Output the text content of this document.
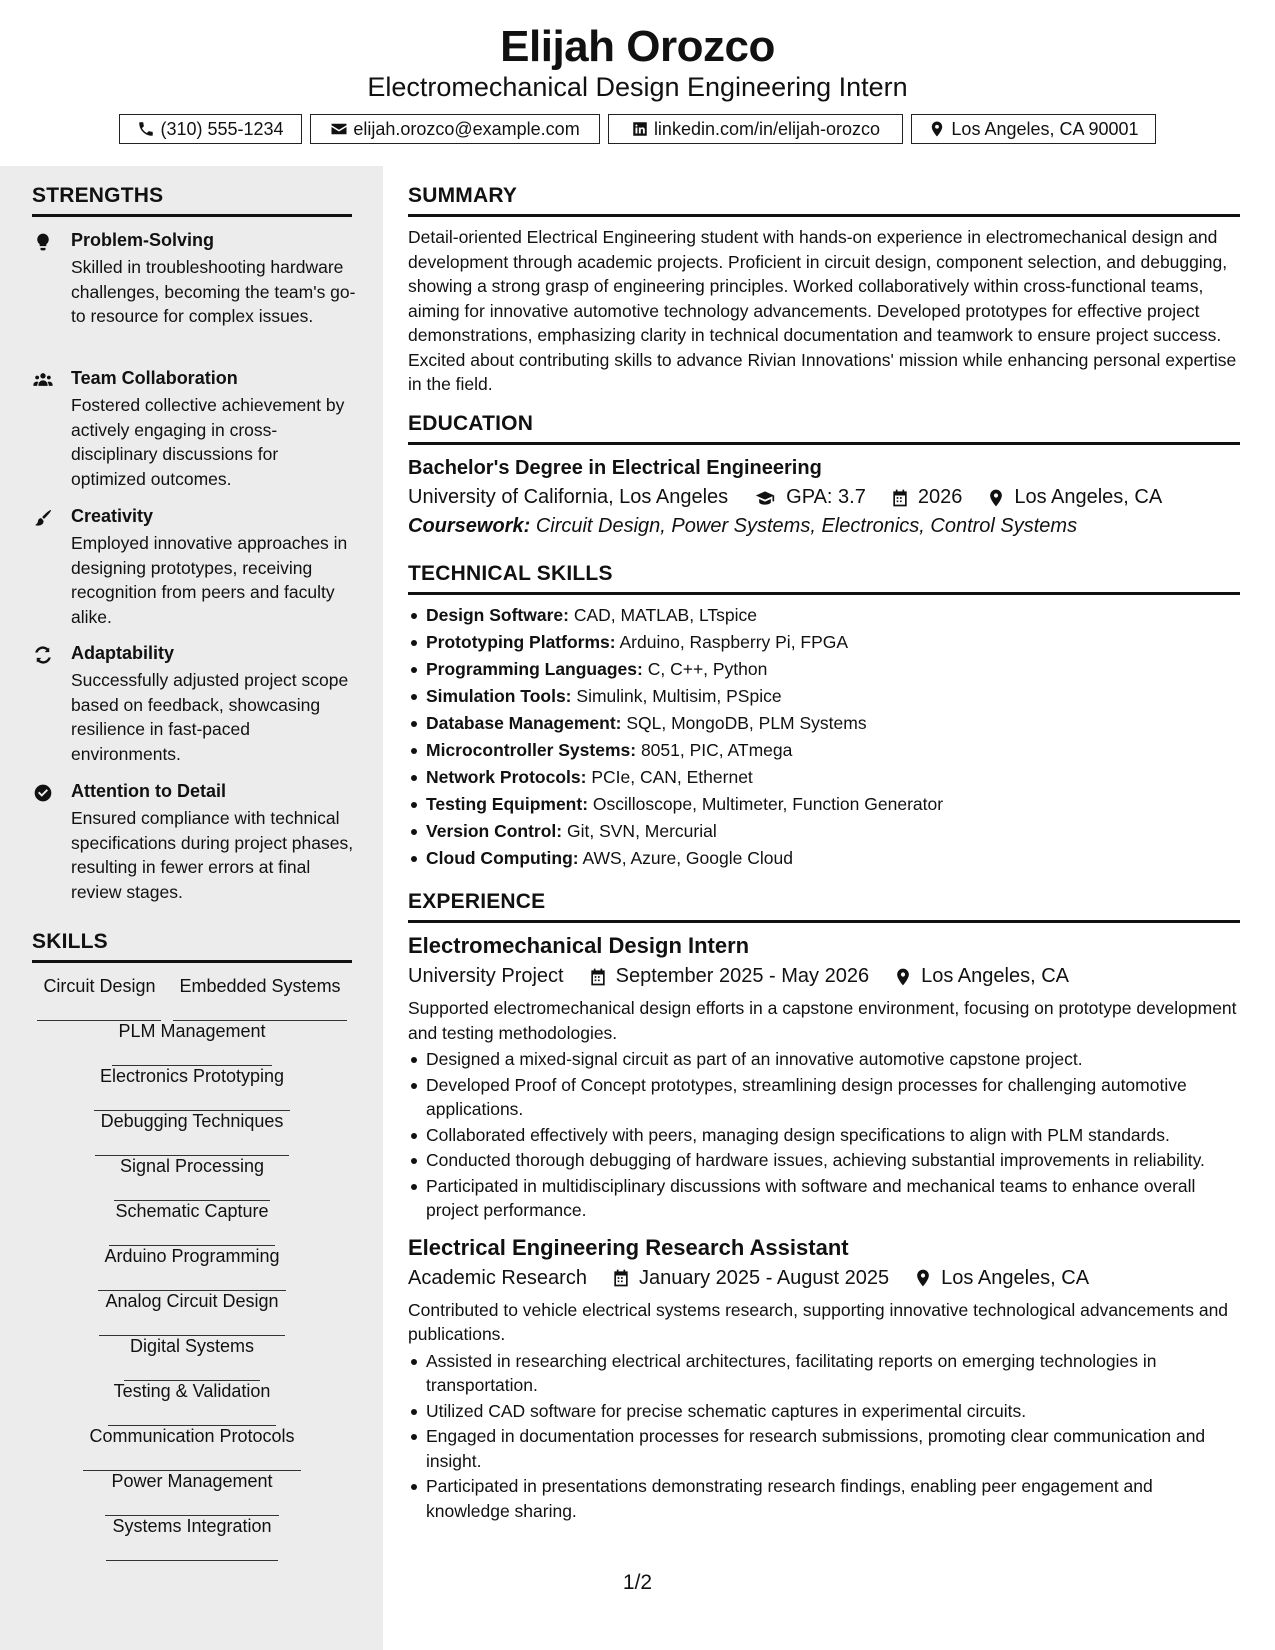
Elijah Orozco
Electromechanical Design Engineering Intern
(310) 555-1234	elijah.orozco@example.com	linkedin.com/in/elijah-orozco	Los Angeles, CA 90001
STRENGTHS
Problem-Solving
Skilled in troubleshooting hardware challenges, becoming the team's go-to resource for complex issues.
Team Collaboration
Fostered collective achievement by actively engaging in cross-disciplinary discussions for optimized outcomes.
Creativity
Employed innovative approaches in designing prototypes, receiving recognition from peers and faculty alike.
Adaptability
Successfully adjusted project scope based on feedback, showcasing resilience in fast-paced environments.
Attention to Detail
Ensured compliance with technical specifications during project phases, resulting in fewer errors at final review stages.
SKILLS
Circuit Design	Embedded Systems
PLM Management
Electronics Prototyping
Debugging Techniques
Signal Processing
Schematic Capture
Arduino Programming
Analog Circuit Design
Digital Systems
Testing & Validation
Communication Protocols
Power Management
Systems Integration
SUMMARY
Detail-oriented Electrical Engineering student with hands-on experience in electromechanical design and development through academic projects. Proficient in circuit design, component selection, and debugging, showing a strong grasp of engineering principles. Worked collaboratively within cross-functional teams, aiming for innovative automotive technology advancements. Developed prototypes for effective project demonstrations, emphasizing clarity in technical documentation and teamwork to ensure project success. Excited about contributing skills to advance Rivian Innovations' mission while enhancing personal expertise in the field.
EDUCATION
Bachelor's Degree in Electrical Engineering
University of California, Los Angeles	GPA: 3.7	2026	Los Angeles, CA
Coursework: Circuit Design, Power Systems, Electronics, Control Systems
TECHNICAL SKILLS
Design Software: CAD, MATLAB, LTspice
Prototyping Platforms: Arduino, Raspberry Pi, FPGA
Programming Languages: C, C++, Python
Simulation Tools: Simulink, Multisim, PSpice
Database Management: SQL, MongoDB, PLM Systems
Microcontroller Systems: 8051, PIC, ATmega
Network Protocols: PCIe, CAN, Ethernet
Testing Equipment: Oscilloscope, Multimeter, Function Generator
Version Control: Git, SVN, Mercurial
Cloud Computing: AWS, Azure, Google Cloud
EXPERIENCE
Electromechanical Design Intern
University Project	September 2025 - May 2026	Los Angeles, CA
Supported electromechanical design efforts in a capstone environment, focusing on prototype development and testing methodologies.
Designed a mixed-signal circuit as part of an innovative automotive capstone project.
Developed Proof of Concept prototypes, streamlining design processes for challenging automotive applications.
Collaborated effectively with peers, managing design specifications to align with PLM standards.
Conducted thorough debugging of hardware issues, achieving substantial improvements in reliability.
Participated in multidisciplinary discussions with software and mechanical teams to enhance overall project performance.
Electrical Engineering Research Assistant
Academic Research	January 2025 - August 2025	Los Angeles, CA
Contributed to vehicle electrical systems research, supporting innovative technological advancements and publications.
Assisted in researching electrical architectures, facilitating reports on emerging technologies in transportation.
Utilized CAD software for precise schematic captures in experimental circuits.
Engaged in documentation processes for research submissions, promoting clear communication and insight.
Participated in presentations demonstrating research findings, enabling peer engagement and knowledge sharing.
1/2
